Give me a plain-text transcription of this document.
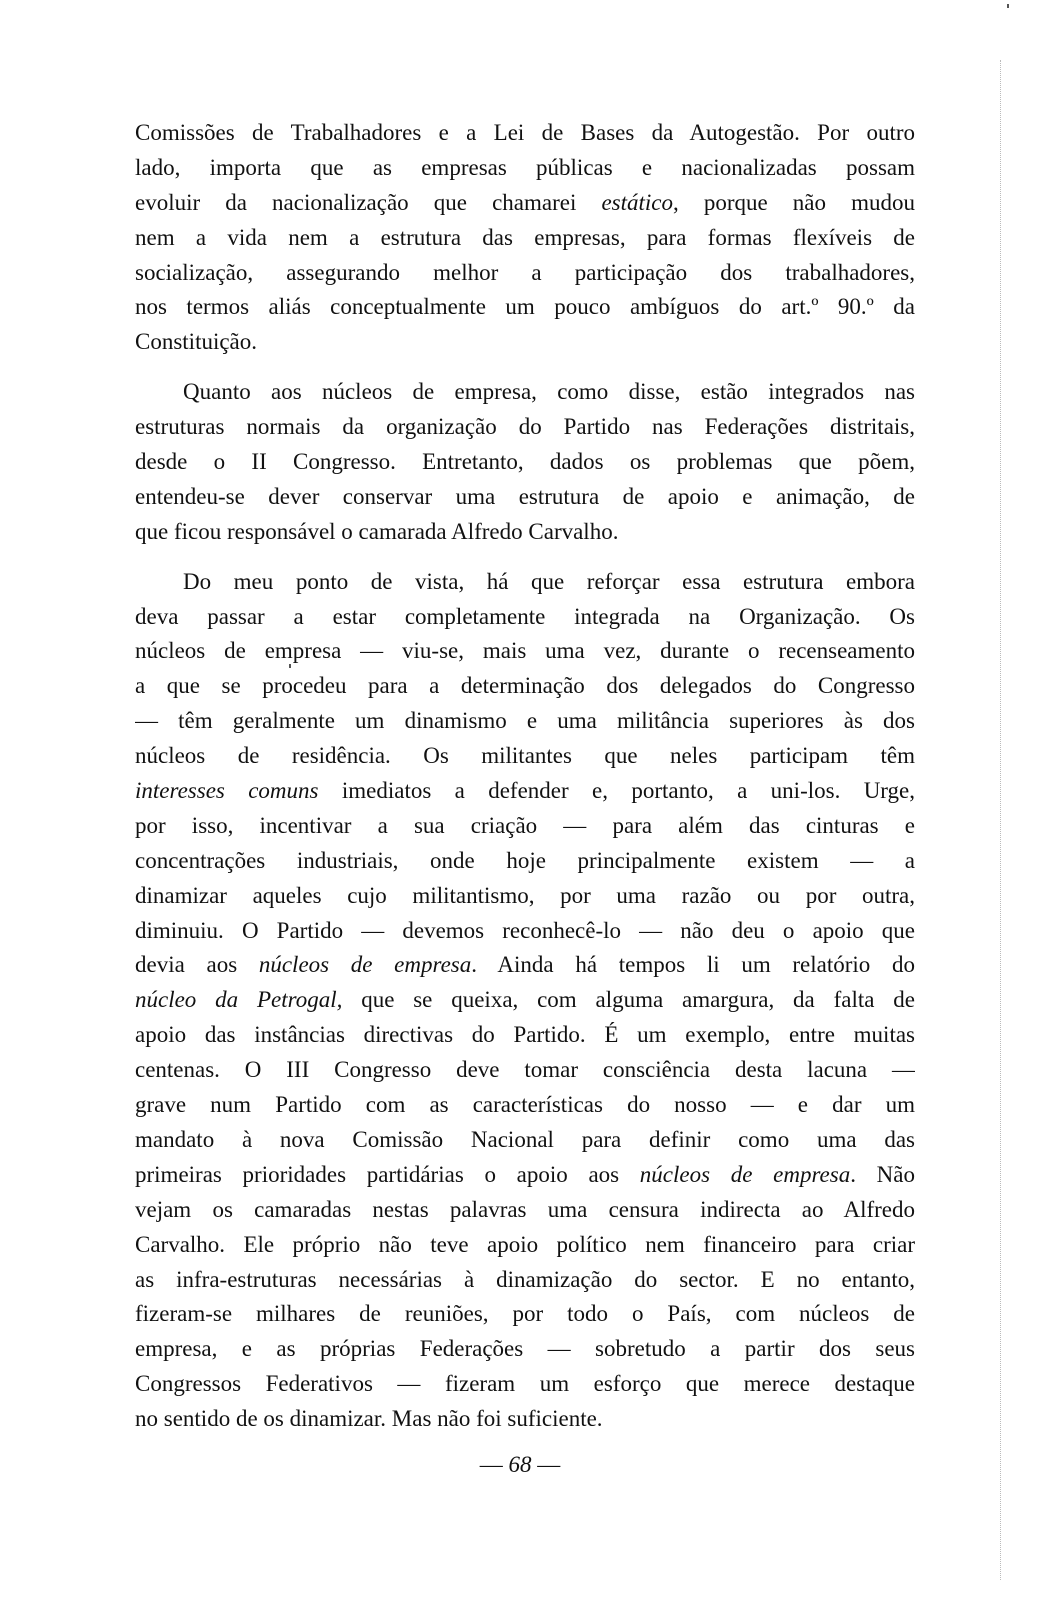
Comissões de Trabalhadores e a Lei de Bases da Autogestão. Por outro
lado, importa que as empresas públicas e nacionalizadas possam
evoluir da nacionalização que chamarei estático, porque não mudou
nem a vida nem a estrutura das empresas, para formas flexíveis de
socialização, assegurando melhor a participação dos trabalhadores,
nos termos aliás conceptualmente um pouco ambíguos do art.º 90.º da
Constituição.
Quanto aos núcleos de empresa, como disse, estão integrados nas
estruturas normais da organização do Partido nas Federações distritais,
desde o II Congresso. Entretanto, dados os problemas que põem,
entendeu-se dever conservar uma estrutura de apoio e animação, de
que ficou responsável o camarada Alfredo Carvalho.
Do meu ponto de vista, há que reforçar essa estrutura embora
deva passar a estar completamente integrada na Organização. Os
núcleos de empresa — viu-se, mais uma vez, durante o recenseamento
a que se procedeu para a determinação dos delegados do Congresso
— têm geralmente um dinamismo e uma militância superiores às dos
núcleos de residência. Os militantes que neles participam têm
interesses comuns imediatos a defender e, portanto, a uni-los. Urge,
por isso, incentivar a sua criação — para além das cinturas e
concentrações industriais, onde hoje principalmente existem — a
dinamizar aqueles cujo militantismo, por uma razão ou por outra,
diminuiu. O Partido — devemos reconhecê-lo — não deu o apoio que
devia aos núcleos de empresa. Ainda há tempos li um relatório do
núcleo da Petrogal, que se queixa, com alguma amargura, da falta de
apoio das instâncias directivas do Partido. É um exemplo, entre muitas
centenas. O III Congresso deve tomar consciência desta lacuna —
grave num Partido com as características do nosso — e dar um
mandato à nova Comissão Nacional para definir como uma das
primeiras prioridades partidárias o apoio aos núcleos de empresa. Não
vejam os camaradas nestas palavras uma censura indirecta ao Alfredo
Carvalho. Ele próprio não teve apoio político nem financeiro para criar
as infra-estruturas necessárias à dinamização do sector. E no entanto,
fizeram-se milhares de reuniões, por todo o País, com núcleos de
empresa, e as próprias Federações — sobretudo a partir dos seus
Congressos Federativos — fizeram um esforço que merece destaque
no sentido de os dinamizar. Mas não foi suficiente.
— 68 —
